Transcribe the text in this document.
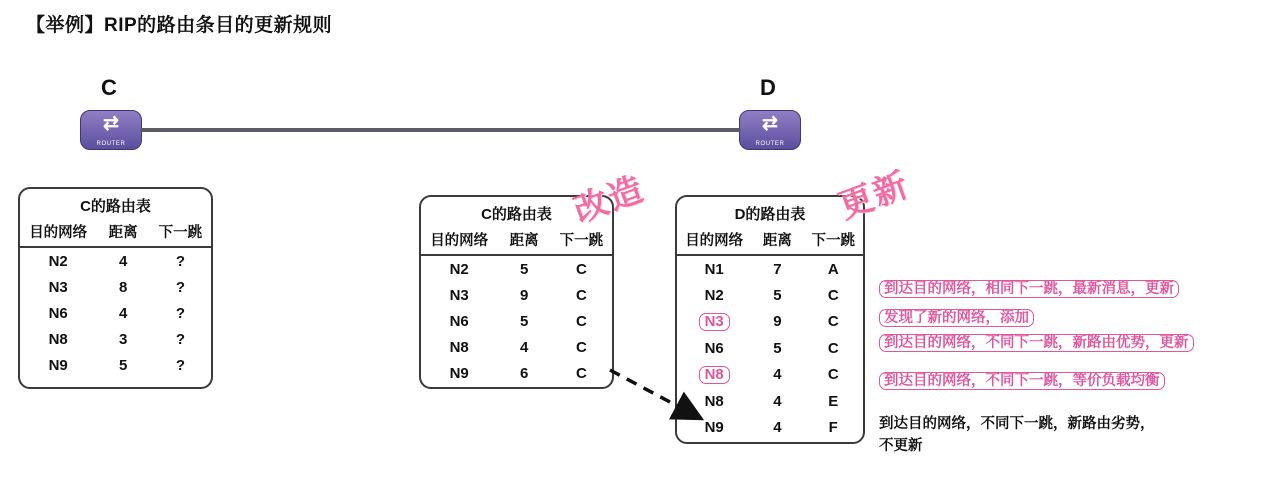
【举例】RIP的路由条目的更新规则
C
⇄
ROUTER
D
⇄
ROUTER
C的路由表
目的网络	距离	下一跳
N2	4	?
N3	8	?
N6	4	?
N8	3	?
N9	5	?
C的路由表
目的网络	距离	下一跳
N2	5	C
N3	9	C
N6	5	C
N8	4	C
N9	6	C
改造	D的路由表
目的网络	距离	下一跳
N1	7	A
N2	5	C
N3	9	C
N6	5	C
N8	4	C
N8	4	E
N9	4	F
更新
到达目的网络，相同下一跳，最新消息，更新
发现了新的网络，添加
到达目的网络，不同下一跳，新路由优势，更新
到达目的网络，不同下一跳，等价负载均衡
到达目的网络，不同下一跳，新路由劣势，
不更新
